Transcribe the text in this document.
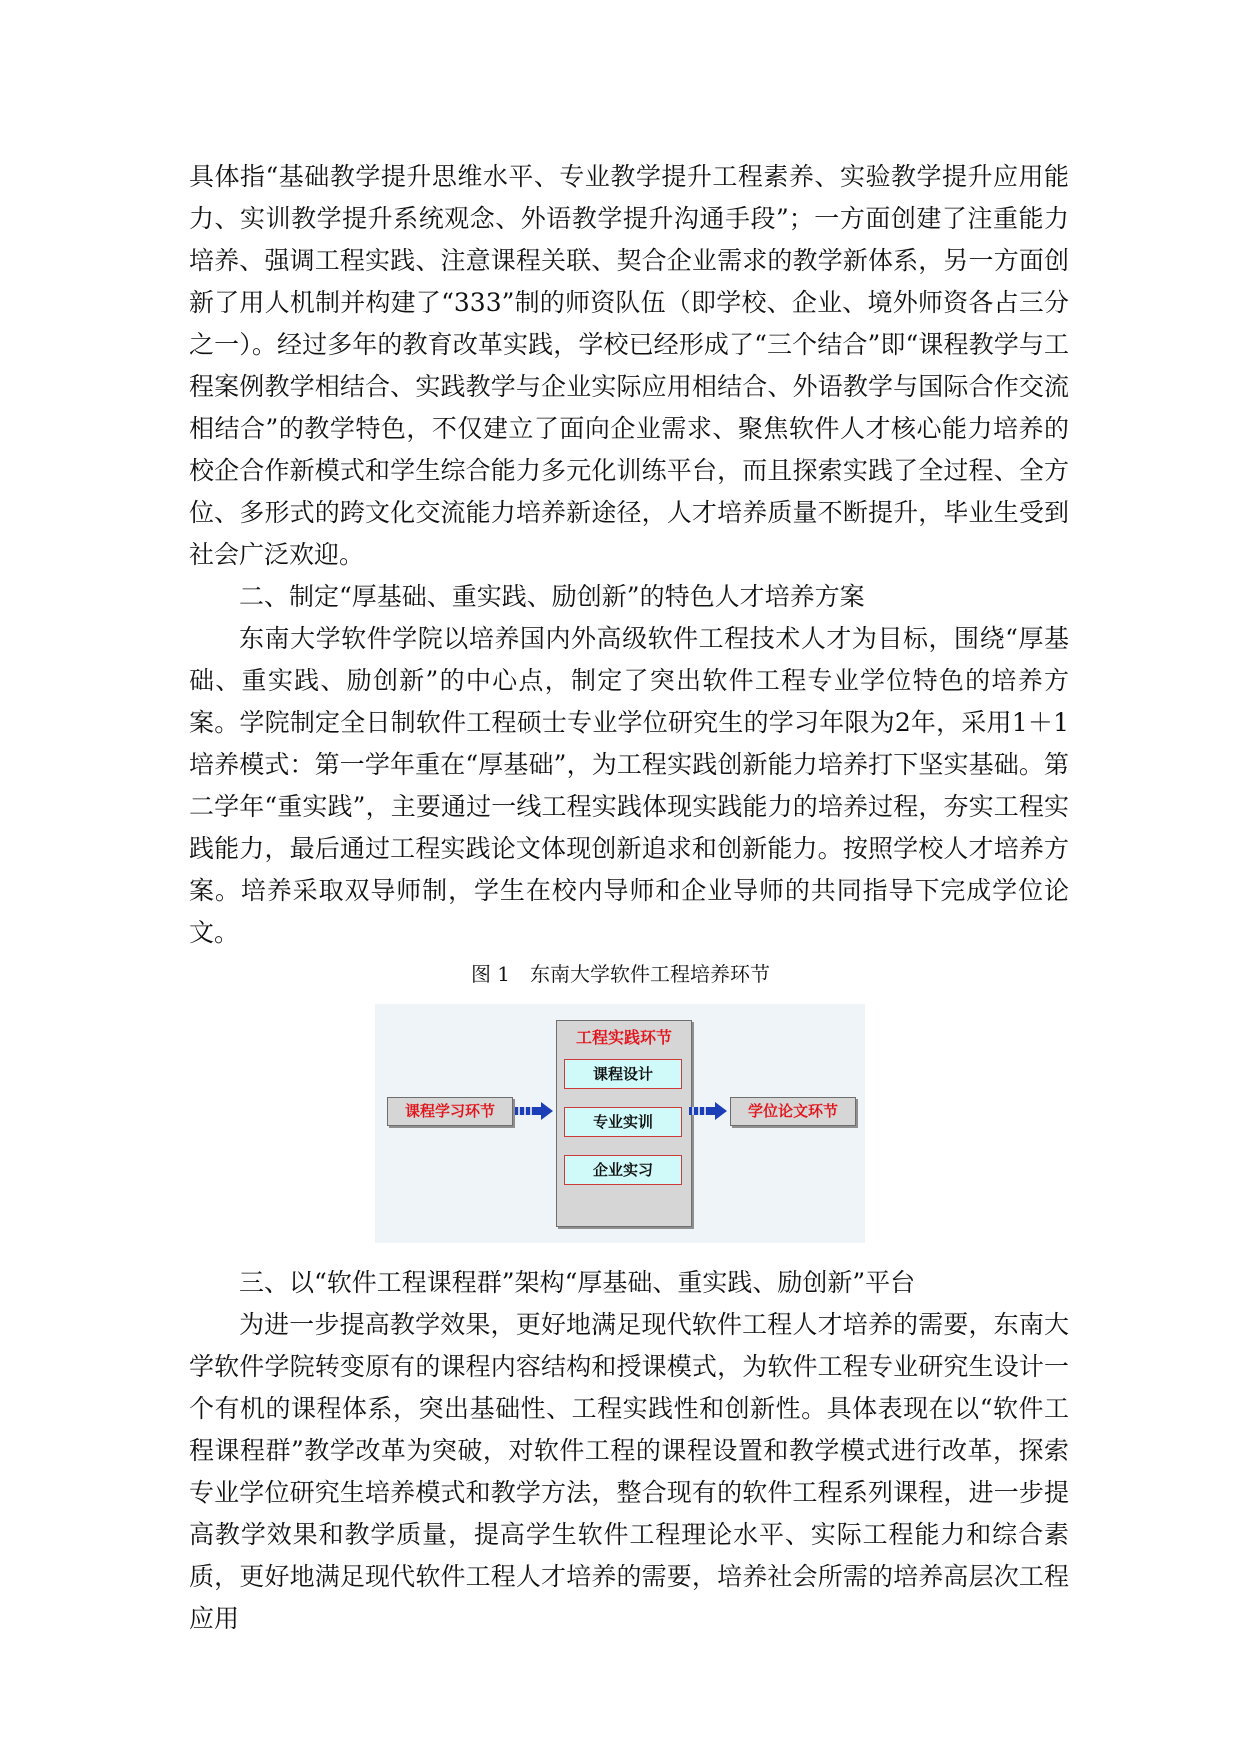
具体指“基础教学提升思维水平、专业教学提升工程素养、实验教学提升应用能力、实训教学提升系统观念、外语教学提升沟通手段”；一方面创建了注重能力培养、强调工程实践、注意课程关联、契合企业需求的教学新体系，另一方面创新了用人机制并构建了“333”制的师资队伍（即学校、企业、境外师资各占三分之一）。经过多年的教育改革实践，学校已经形成了“三个结合”即“课程教学与工程案例教学相结合、实践教学与企业实际应用相结合、外语教学与国际合作交流相结合”的教学特色，不仅建立了面向企业需求、聚焦软件人才核心能力培养的校企合作新模式和学生综合能力多元化训练平台，而且探索实践了全过程、全方位、多形式的跨文化交流能力培养新途径，人才培养质量不断提升，毕业生受到社会广泛欢迎。

二、制定“厚基础、重实践、励创新”的特色人才培养方案

东南大学软件学院以培养国内外高级软件工程技术人才为目标，围绕“厚基础、重实践、励创新”的中心点，制定了突出软件工程专业学位特色的培养方案。学院制定全日制软件工程硕士专业学位研究生的学习年限为2年，采用1＋1培养模式：第一学年重在“厚基础”，为工程实践创新能力培养打下坚实基础。第二学年“重实践”，主要通过一线工程实践体现实践能力的培养过程，夯实工程实践能力，最后通过工程实践论文体现创新追求和创新能力。按照学校人才培养方案。培养采取双导师制，学生在校内导师和企业导师的共同指导下完成学位论文。

图 1　东南大学软件工程培养环节
课程学习环节
工程实践环节
课程设计
专业实训
企业实习
学位论文环节

三、以“软件工程课程群”架构“厚基础、重实践、励创新”平台

为进一步提高教学效果，更好地满足现代软件工程人才培养的需要，东南大学软件学院转变原有的课程内容结构和授课模式，为软件工程专业研究生设计一个有机的课程体系，突出基础性、工程实践性和创新性。具体表现在以“软件工程课程群”教学改革为突破，对软件工程的课程设置和教学模式进行改革，探索专业学位研究生培养模式和教学方法，整合现有的软件工程系列课程，进一步提高教学效果和教学质量，提高学生软件工程理论水平、实际工程能力和综合素质，更好地满足现代软件工程人才培养的需要，培养社会所需的培养高层次工程应用
